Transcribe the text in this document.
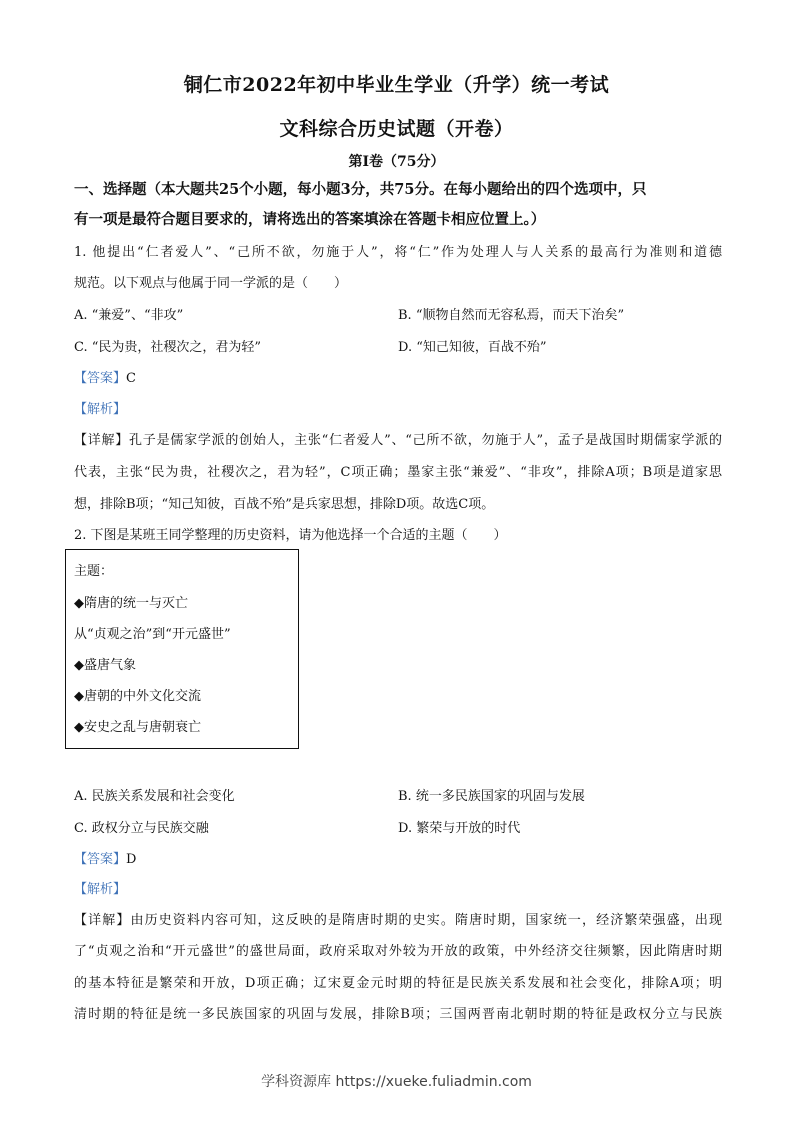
铜仁市2022年初中毕业生学业（升学）统一考试
文科综合历史试题（开卷）
第I卷（75分）
一、选择题（本大题共25个小题，每小题3分，共75分。在每小题给出的四个选项中，只
有一项是最符合题目要求的，请将选出的答案填涂在答题卡相应位置上。）
1. 他提出“仁者爱人”、“己所不欲，勿施于人”，将“仁”作为处理人与人关系的最高行为准则和道德
规范。以下观点与他属于同一学派的是（　　）
A. “兼爱”、“非攻”	B. “顺物自然而无容私焉，而天下治矣”
C. “民为贵，社稷次之，君为轻”	D. “知己知彼，百战不殆”
【答案】C
【解析】
【详解】孔子是儒家学派的创始人，主张“仁者爱人”、“己所不欲，勿施于人”，孟子是战国时期儒家学派的
代表，主张“民为贵，社稷次之，君为轻”，C项正确；墨家主张“兼爱”、“非攻”，排除A项；B项是道家思
想，排除B项；“知己知彼，百战不殆”是兵家思想，排除D项。故选C项。
2. 下图是某班王同学整理的历史资料，请为他选择一个合适的主题（　　）
主题：
◆隋唐的统一与灭亡
从“贞观之治”到“开元盛世”
◆盛唐气象
◆唐朝的中外文化交流
◆安史之乱与唐朝衰亡
A. 民族关系发展和社会变化	B. 统一多民族国家的巩固与发展
C. 政权分立与民族交融	D. 繁荣与开放的时代
【答案】D
【解析】
【详解】由历史资料内容可知，这反映的是隋唐时期的史实。隋唐时期，国家统一，经济繁荣强盛，出现
了“贞观之治和“开元盛世”的盛世局面，政府采取对外较为开放的政策，中外经济交往频繁，因此隋唐时期
的基本特征是繁荣和开放，D项正确；辽宋夏金元时期的特征是民族关系发展和社会变化，排除A项；明
清时期的特征是统一多民族国家的巩固与发展，排除B项；三国两晋南北朝时期的特征是政权分立与民族
学科资源库 https://xueke.fuliadmin.com
